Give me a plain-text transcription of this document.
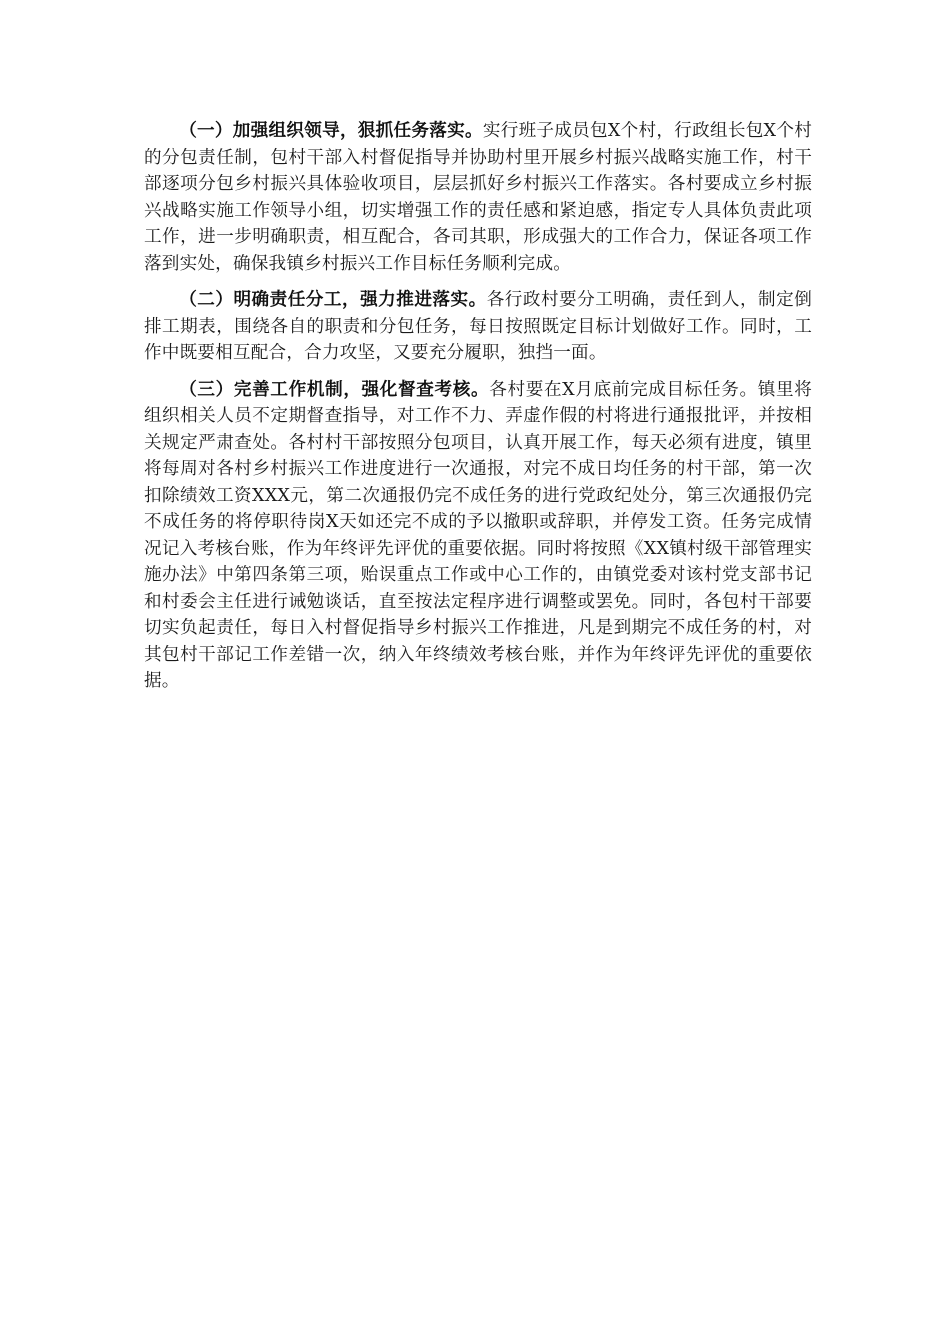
（一）加强组织领导，狠抓任务落实。实行班子成员包X个村，行政组长包X个村的分包责任制，包村干部入村督促指导并协助村里开展乡村振兴战略实施工作，村干部逐项分包乡村振兴具体验收项目，层层抓好乡村振兴工作落实。各村要成立乡村振兴战略实施工作领导小组，切实增强工作的责任感和紧迫感，指定专人具体负责此项工作，进一步明确职责，相互配合，各司其职，形成强大的工作合力，保证各项工作落到实处，确保我镇乡村振兴工作目标任务顺利完成。

（二）明确责任分工，强力推进落实。各行政村要分工明确，责任到人，制定倒排工期表，围绕各自的职责和分包任务，每日按照既定目标计划做好工作。同时，工作中既要相互配合，合力攻坚，又要充分履职，独挡一面。

（三）完善工作机制，强化督查考核。各村要在X月底前完成目标任务。镇里将组织相关人员不定期督查指导，对工作不力、弄虚作假的村将进行通报批评，并按相关规定严肃查处。各村村干部按照分包项目，认真开展工作，每天必须有进度，镇里将每周对各村乡村振兴工作进度进行一次通报，对完不成日均任务的村干部，第一次扣除绩效工资XXX元，第二次通报仍完不成任务的进行党政纪处分，第三次通报仍完不成任务的将停职待岗X天如还完不成的予以撤职或辞职，并停发工资。任务完成情况记入考核台账，作为年终评先评优的重要依据。同时将按照《XX镇村级干部管理实施办法》中第四条第三项，贻误重点工作或中心工作的，由镇党委对该村党支部书记和村委会主任进行诫勉谈话，直至按法定程序进行调整或罢免。同时，各包村干部要切实负起责任，每日入村督促指导乡村振兴工作推进，凡是到期完不成任务的村，对其包村干部记工作差错一次，纳入年终绩效考核台账，并作为年终评先评优的重要依据。
